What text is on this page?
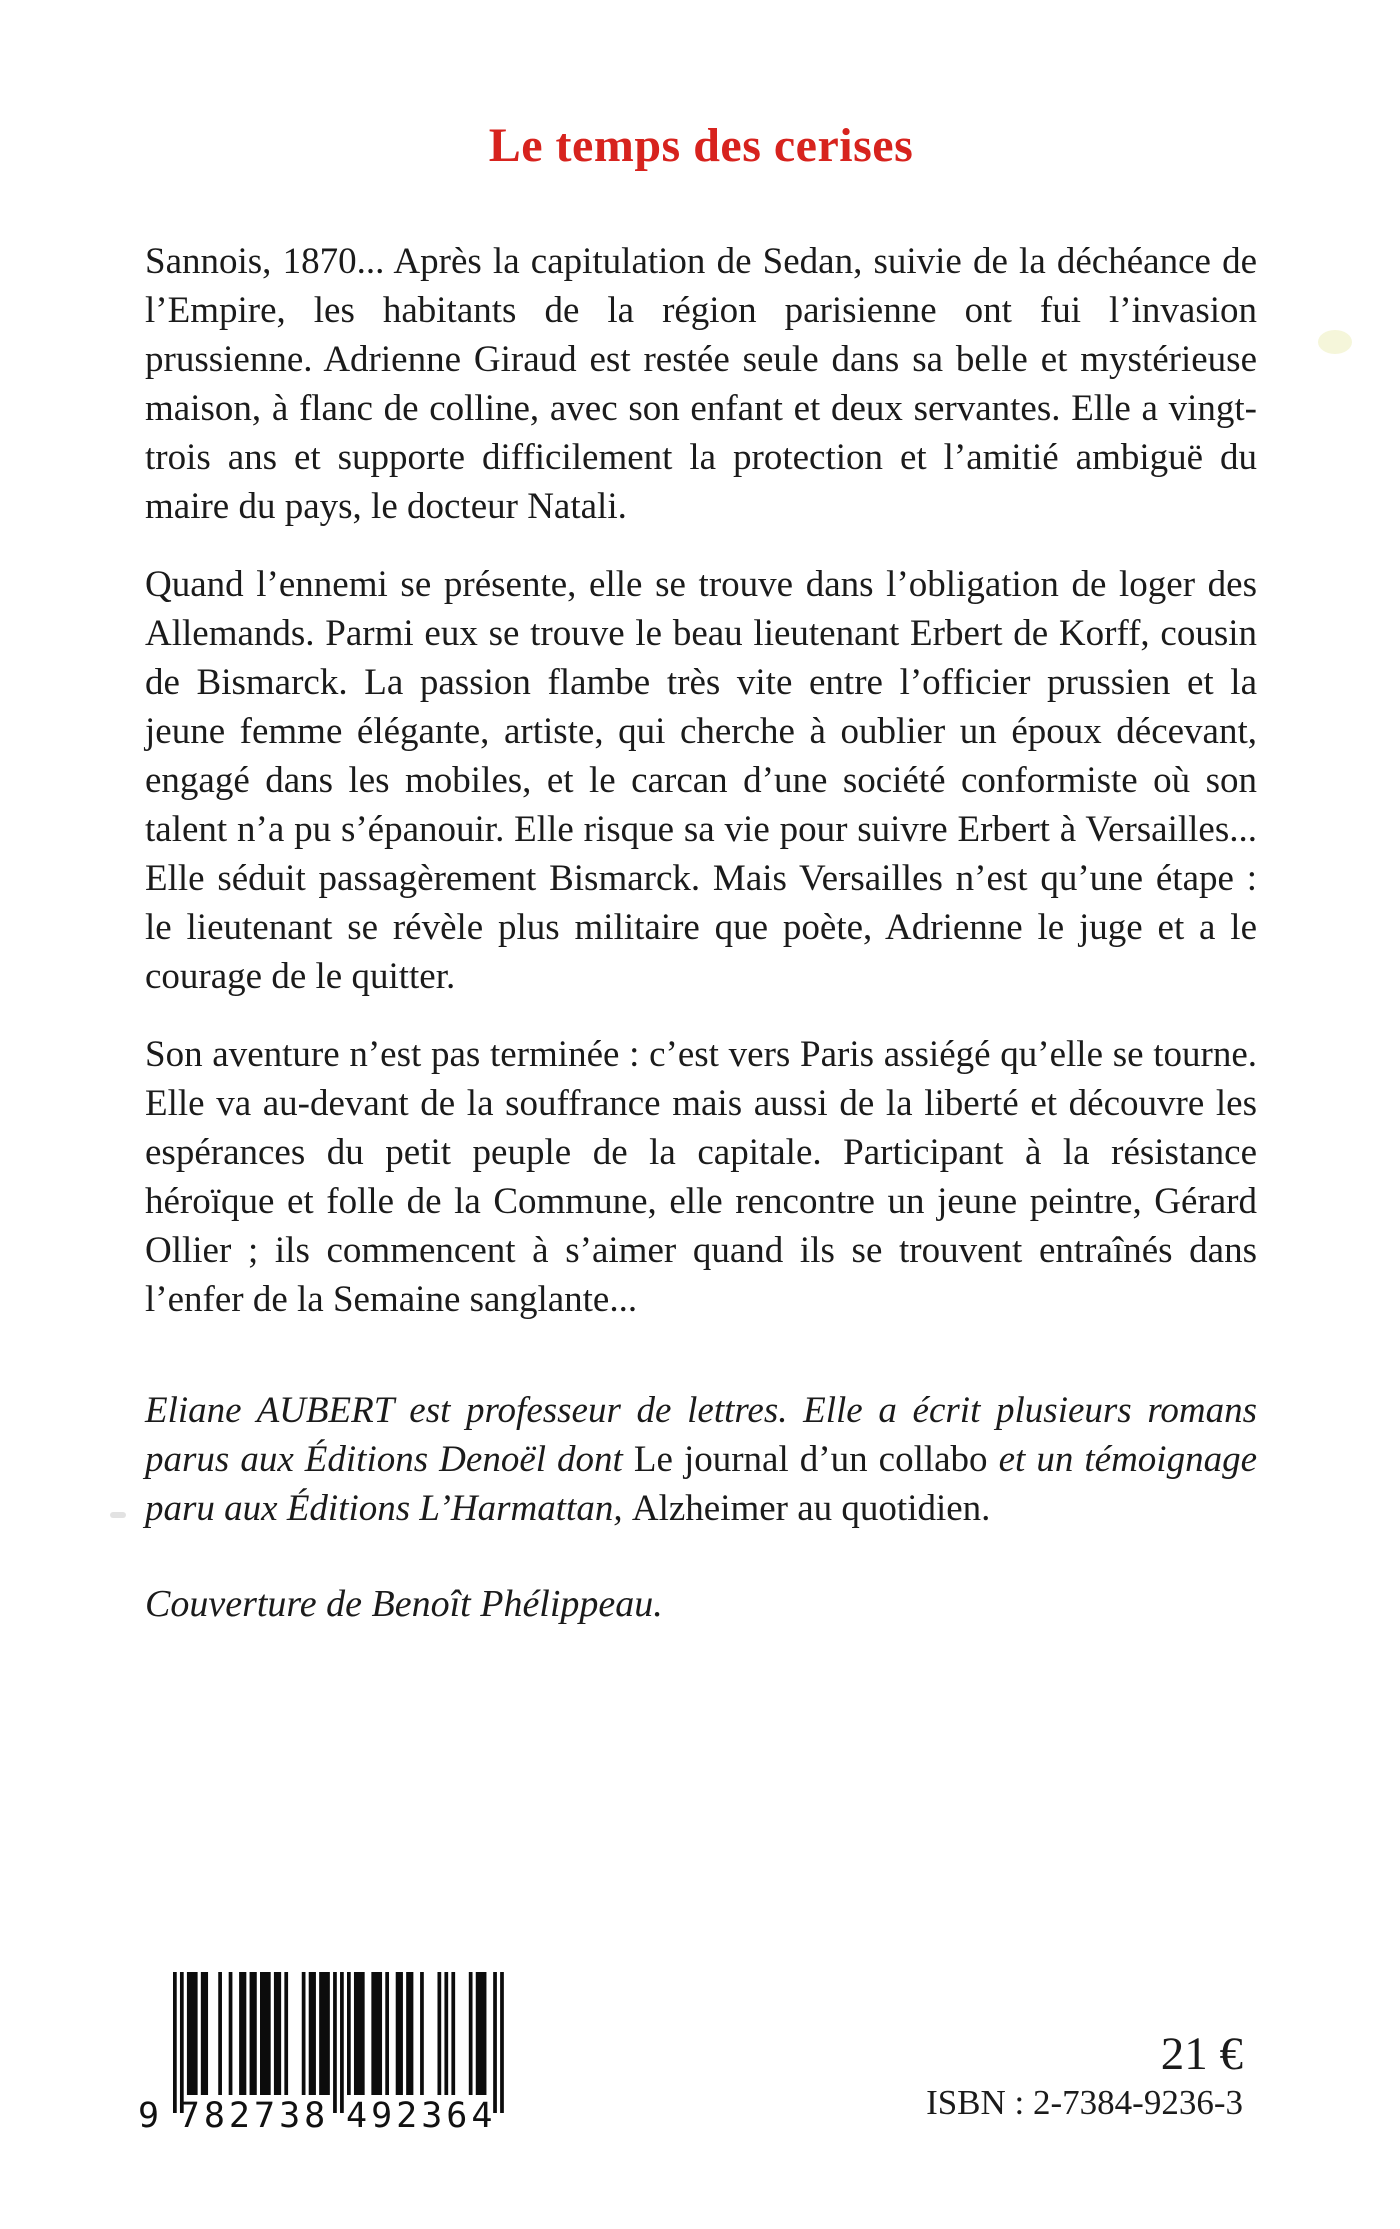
Le temps des cerises

Sannois, 1870... Après la capitulation de Sedan, suivie de la déchéance de l’Empire, les habitants de la région parisienne ont fui l’invasion prussienne. Adrienne Giraud est restée seule dans sa belle et mystérieuse maison, à flanc de colline, avec son enfant et deux servantes. Elle a vingt-trois ans et supporte difficilement la protection et l’amitié ambiguë du maire du pays, le docteur Natali.

Quand l’ennemi se présente, elle se trouve dans l’obligation de loger des Allemands. Parmi eux se trouve le beau lieutenant Erbert de Korff, cousin de Bismarck. La passion flambe très vite entre l’officier prussien et la jeune femme élégante, artiste, qui cherche à oublier un époux décevant, engagé dans les mobiles, et le carcan d’une société conformiste où son talent n’a pu s’épanouir. Elle risque sa vie pour suivre Erbert à Versailles... Elle séduit passagèrement Bismarck. Mais Versailles n’est qu’une étape : le lieutenant se révèle plus militaire que poète, Adrienne le juge et a le courage de le quitter.

Son aventure n’est pas terminée : c’est vers Paris assiégé qu’elle se tourne. Elle va au-devant de la souffrance mais aussi de la liberté et découvre les espérances du petit peuple de la capitale. Participant à la résistance héroïque et folle de la Commune, elle rencontre un jeune peintre, Gérard Ollier ; ils commencent à s’aimer quand ils se trouvent entraînés dans l’enfer de la Semaine sanglante...

Eliane AUBERT est professeur de lettres. Elle a écrit plusieurs romans parus aux Éditions Denoël dont Le journal d’un collabo et un témoignage paru aux Éditions L’Harmattan, Alzheimer au quotidien.

Couverture de Benoît Phélippeau.

9 782738 492364
21 €
ISBN : 2-7384-9236-3
